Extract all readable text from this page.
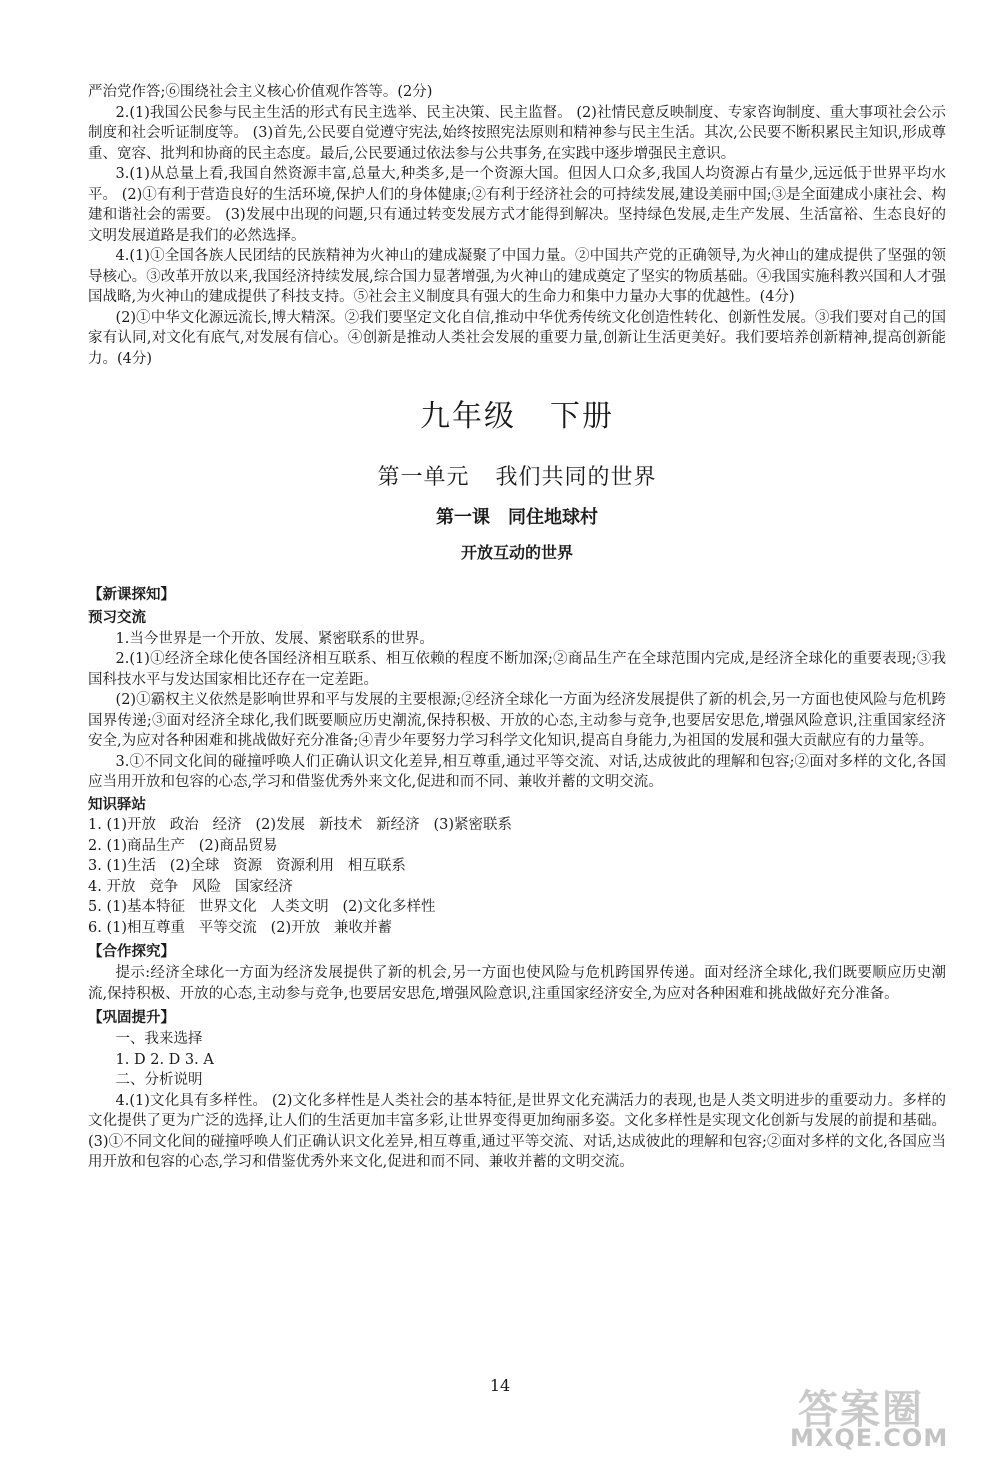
严治党作答;⑥围绕社会主义核心价值观作答等。(2分)

2.(1)我国公民参与民主生活的形式有民主选举、民主决策、民主监督。 (2)社情民意反映制度、专家咨询制度、重大事项社会公示制度和社会听证制度等。 (3)首先,公民要自觉遵守宪法,始终按照宪法原则和精神参与民主生活。其次,公民要不断积累民主知识,形成尊重、宽容、批判和协商的民主态度。最后,公民要通过依法参与公共事务,在实践中逐步增强民主意识。

3.(1)从总量上看,我国自然资源丰富,总量大,种类多,是一个资源大国。但因人口众多,我国人均资源占有量少,远远低于世界平均水平。 (2)①有利于营造良好的生活环境,保护人们的身体健康;②有利于经济社会的可持续发展,建设美丽中国;③是全面建成小康社会、构建和谐社会的需要。 (3)发展中出现的问题,只有通过转变发展方式才能得到解决。坚持绿色发展,走生产发展、生活富裕、生态良好的文明发展道路是我们的必然选择。

4.(1)①全国各族人民团结的民族精神为火神山的建成凝聚了中国力量。②中国共产党的正确领导,为火神山的建成提供了坚强的领导核心。③改革开放以来,我国经济持续发展,综合国力显著增强,为火神山的建成奠定了坚实的物质基础。④我国实施科教兴国和人才强国战略,为火神山的建成提供了科技支持。⑤社会主义制度具有强大的生命力和集中力量办大事的优越性。(4分)

(2)①中华文化源远流长,博大精深。②我们要坚定文化自信,推动中华优秀传统文化创造性转化、创新性发展。③我们要对自己的国家有认同,对文化有底气,对发展有信心。④创新是推动人类社会发展的重要力量,创新让生活更美好。我们要培养创新精神,提高创新能力。(4分)

九年级 下册
第一单元 我们共同的世界
第一课 同住地球村
开放互动的世界
【新课探知】
预习交流

1.当今世界是一个开放、发展、紧密联系的世界。

2.(1)①经济全球化使各国经济相互联系、相互依赖的程度不断加深;②商品生产在全球范围内完成,是经济全球化的重要表现;③我国科技水平与发达国家相比还存在一定差距。

(2)①霸权主义依然是影响世界和平与发展的主要根源;②经济全球化一方面为经济发展提供了新的机会,另一方面也使风险与危机跨国界传递;③面对经济全球化,我们既要顺应历史潮流,保持积极、开放的心态,主动参与竞争,也要居安思危,增强风险意识,注重国家经济安全,为应对各种困难和挑战做好充分准备;④青少年要努力学习科学文化知识,提高自身能力,为祖国的发展和强大贡献应有的力量等。

3.①不同文化间的碰撞呼唤人们正确认识文化差异,相互尊重,通过平等交流、对话,达成彼此的理解和包容;②面对多样的文化,各国应当用开放和包容的心态,学习和借鉴优秀外来文化,促进和而不同、兼收并蓄的文明交流。

知识驿站

1. (1)开放   政治   经济   (2)发展   新技术   新经济   (3)紧密联系

2. (1)商品生产   (2)商品贸易

3. (1)生活   (2)全球   资源   资源利用   相互联系

4. 开放   竞争   风险   国家经济

5. (1)基本特征   世界文化   人类文明   (2)文化多样性

6. (1)相互尊重   平等交流   (2)开放   兼收并蓄

【合作探究】

提示:经济全球化一方面为经济发展提供了新的机会,另一方面也使风险与危机跨国界传递。面对经济全球化,我们既要顺应历史潮流,保持积极、开放的心态,主动参与竞争,也要居安思危,增强风险意识,注重国家经济安全,为应对各种困难和挑战做好充分准备。

【巩固提升】

一、我来选择

1. D 2. D 3. A

二、分析说明

4.(1)文化具有多样性。 (2)文化多样性是人类社会的基本特征,是世界文化充满活力的表现,也是人类文明进步的重要动力。多样的文化提供了更为广泛的选择,让人们的生活更加丰富多彩,让世界变得更加绚丽多姿。文化多样性是实现文化创新与发展的前提和基础。 (3)①不同文化间的碰撞呼唤人们正确认识文化差异,相互尊重,通过平等交流、对话,达成彼此的理解和包容;②面对多样的文化,各国应当用开放和包容的心态,学习和借鉴优秀外来文化,促进和而不同、兼收并蓄的文明交流。

14
答案圈
MXQE.COM
